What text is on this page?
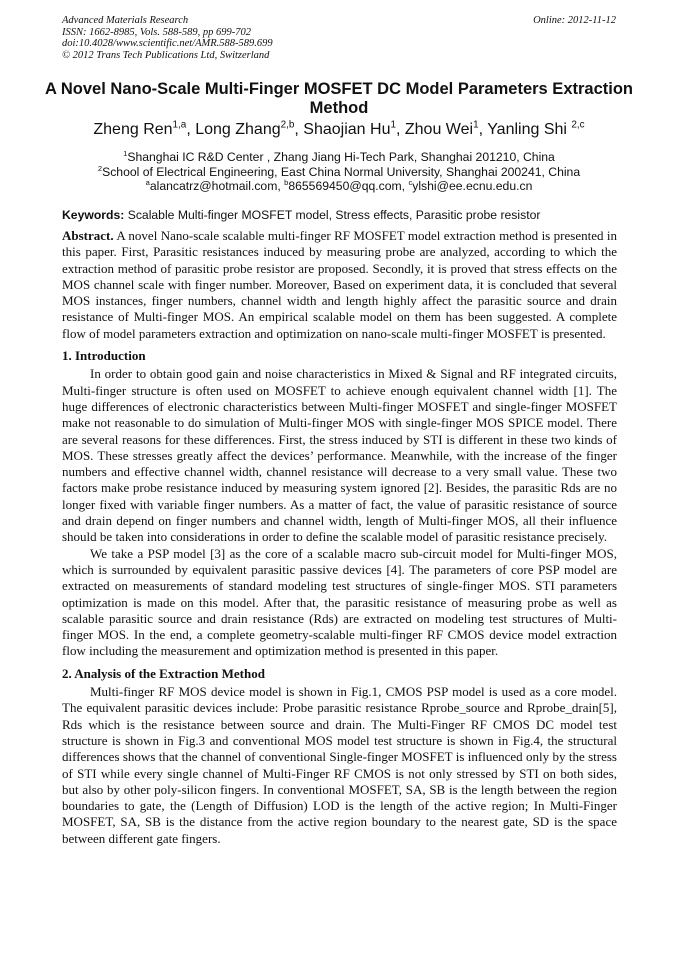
Advanced Materials Research
ISSN: 1662-8985, Vols. 588-589, pp 699-702
doi:10.4028/www.scientific.net/AMR.588-589.699
© 2012 Trans Tech Publications Ltd, Switzerland
Online: 2012-11-12
A Novel Nano-Scale Multi-Finger MOSFET DC Model Parameters Extraction Method
Zheng Ren$^{1,a}$, Long Zhang$^{2,b}$, Shaojian Hu$^1$, Zhou Wei$^1$, Yanling Shi $^{2,c}$
$^1$Shanghai IC R&D Center , Zhang Jiang Hi-Tech Park, Shanghai 201210, China
$^2$School of Electrical Engineering, East China Normal University, Shanghai 200241, China
$^a$alancatrz@hotmail.com, $^b$865569450@qq.com, $^c$ylshi@ee.ecnu.edu.cn
Keywords: Scalable Multi-finger MOSFET model, Stress effects, Parasitic probe resistor

Abstract. A novel Nano-scale scalable multi-finger RF MOSFET model extraction method is presented in this paper. First, Parasitic resistances induced by measuring probe are analyzed, according to which the extraction method of parasitic probe resistor are proposed. Secondly, it is proved that stress effects on the MOS channel scale with finger number. Moreover, Based on experiment data, it is concluded that several MOS instances, finger numbers, channel width and length highly affect the parasitic source and drain resistance of Multi-finger MOS. An empirical scalable model on them has been suggested. A complete flow of model parameters extraction and optimization on nano-scale multi-finger MOSFET is presented.

1. Introduction

In order to obtain good gain and noise characteristics in Mixed & Signal and RF integrated circuits, Multi-finger structure is often used on MOSFET to achieve enough equivalent channel width [1]. The huge differences of electronic characteristics between Multi-finger MOSFET and single-finger MOSFET make not reasonable to do simulation of Multi-finger MOS with single-finger MOS SPICE model. There are several reasons for these differences. First, the stress induced by STI is different in these two kinds of MOS. These stresses greatly affect the devices’ performance. Meanwhile, with the increase of the finger numbers and effective channel width, channel resistance will decrease to a very small value. These two factors make probe resistance induced by measuring system ignored [2]. Besides, the parasitic Rds are no longer fixed with variable finger numbers. As a matter of fact, the value of parasitic resistance of source and drain depend on finger numbers and channel width, length of Multi-finger MOS, all their influence should be taken into considerations in order to define the scalable model of parasitic resistance precisely.

We take a PSP model [3] as the core of a scalable macro sub-circuit model for Multi-finger MOS, which is surrounded by equivalent parasitic passive devices [4]. The parameters of core PSP model are extracted on measurements of standard modeling test structures of single-finger MOS. STI parameters optimization is made on this model. After that, the parasitic resistance of measuring probe as well as scalable parasitic source and drain resistance (Rds) are extracted on modeling test structures of Multi-finger MOS. In the end, a complete geometry-scalable multi-finger RF CMOS device model extraction flow including the measurement and optimization method is presented in this paper.

2. Analysis of the Extraction Method

Multi-finger RF MOS device model is shown in Fig.1, CMOS PSP model is used as a core model. The equivalent parasitic devices include: Probe parasitic resistance Rprobe_source and Rprobe_drain[5], Rds which is the resistance between source and drain. The Multi-Finger RF CMOS DC model test structure is shown in Fig.3 and conventional MOS model test structure is shown in Fig.4, the structural differences shows that the channel of conventional Single-finger MOSFET is influenced only by the stress of STI while every single channel of Multi-Finger RF CMOS is not only stressed by STI on both sides, but also by other poly-silicon fingers. In conventional MOSFET, SA, SB is the length between the region boundaries to gate, the (Length of Diffusion) LOD is the length of the active region; In Multi-Finger MOSFET, SA, SB is the distance from the active region boundary to the nearest gate, SD is the space between different gate fingers.
